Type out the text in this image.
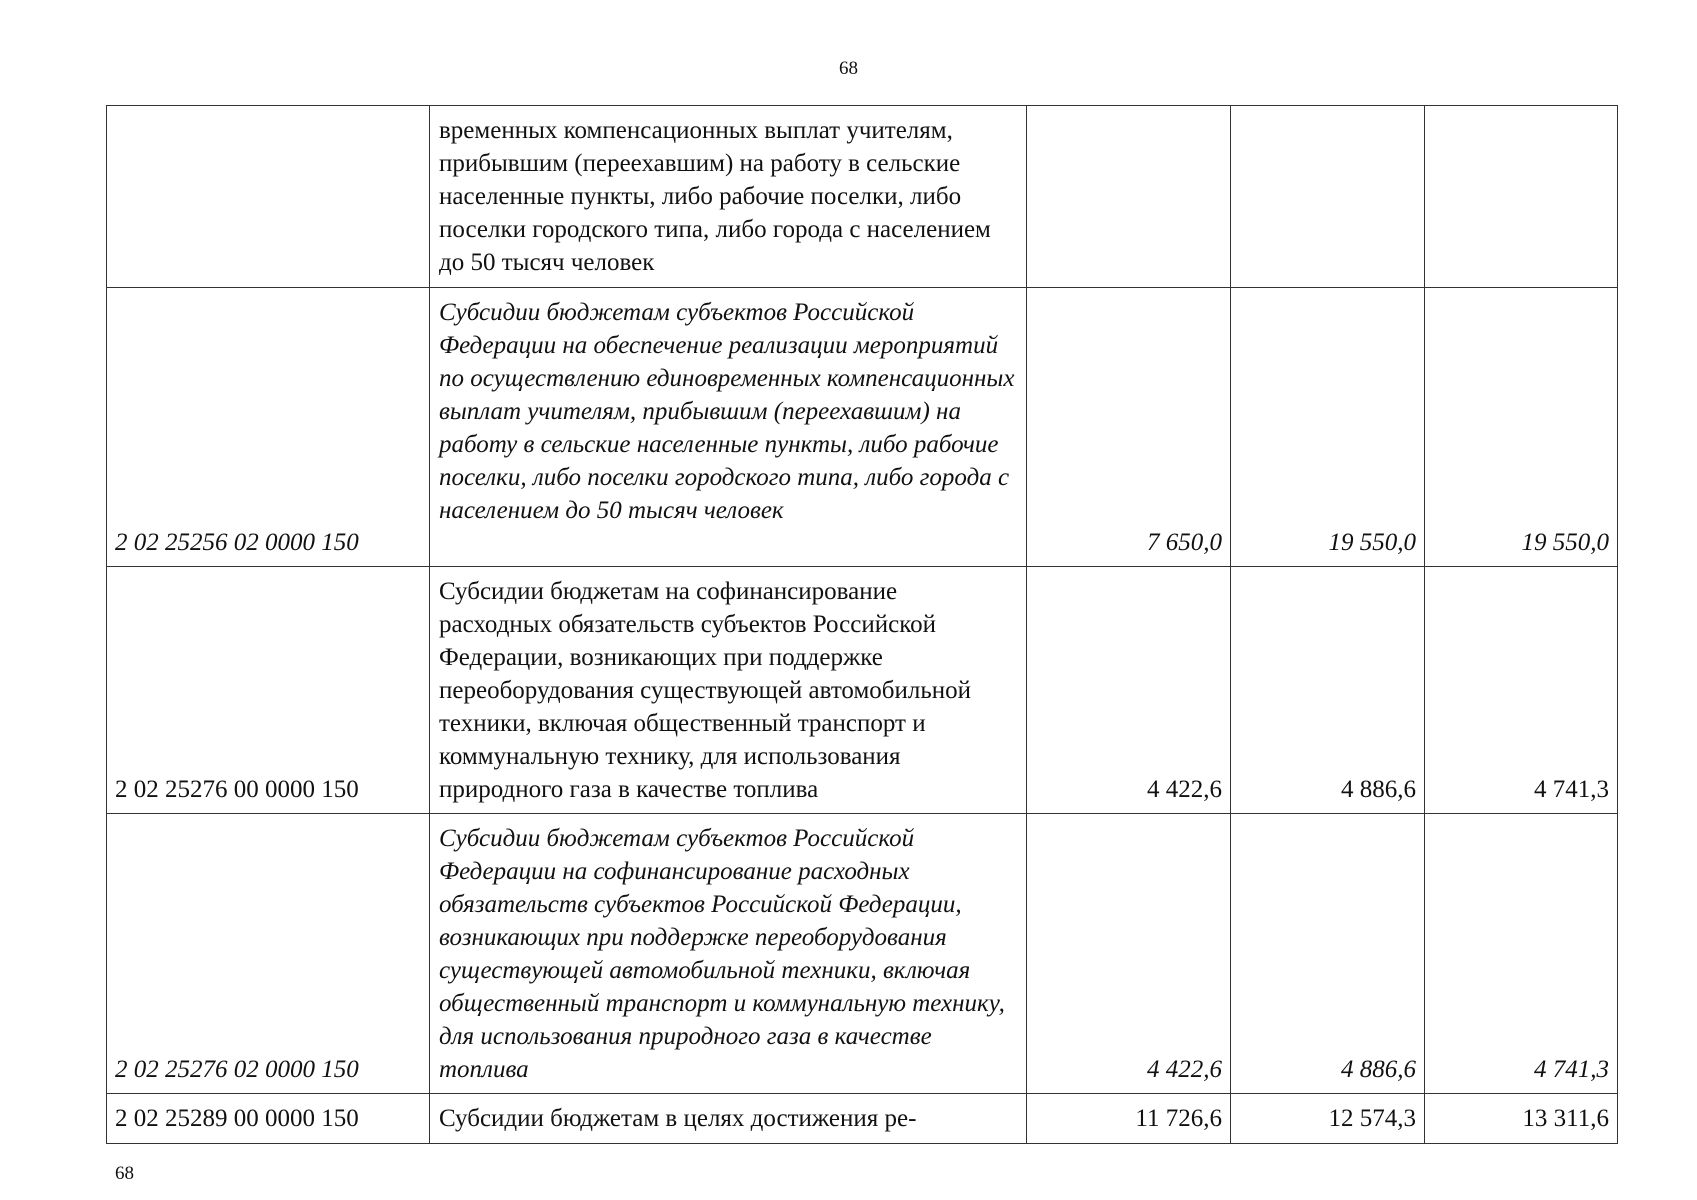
68
	временных компенсационных выплат учителям, прибывшим (переехавшим) на работу в сельские населенные пункты, либо рабочие поселки, либо поселки городского типа, либо города с населением до 50 тысяч человек			
2 02 25256 02 0000 150	Субсидии бюджетам субъектов Российской Федерации на обеспечение реализации мероприятий по осуществлению единовременных компенсационных выплат учителям, прибывшим (переехавшим) на работу в сельские населенные пункты, либо рабочие поселки, либо поселки городского типа, либо города с населением до 50 тысяч человек	7 650,0	19 550,0	19 550,0
2 02 25276 00 0000 150	Субсидии бюджетам на софинансирование расходных обязательств субъектов Российской Федерации, возникающих при поддержке переоборудования существующей автомобильной техники, включая общественный транспорт и коммунальную технику, для использования природного газа в качестве топлива	4 422,6	4 886,6	4 741,3
2 02 25276 02 0000 150	Субсидии бюджетам субъектов Российской Федерации на софинансирование расходных обязательств субъектов Российской Федерации, возникающих при поддержке переоборудования существующей автомобильной техники, включая общественный транспорт и коммунальную технику, для использования природного газа в качестве топлива	4 422,6	4 886,6	4 741,3
2 02 25289 00 0000 150	Субсидии бюджетам в целях достижения ре-	11 726,6	12 574,3	13 311,6
68
